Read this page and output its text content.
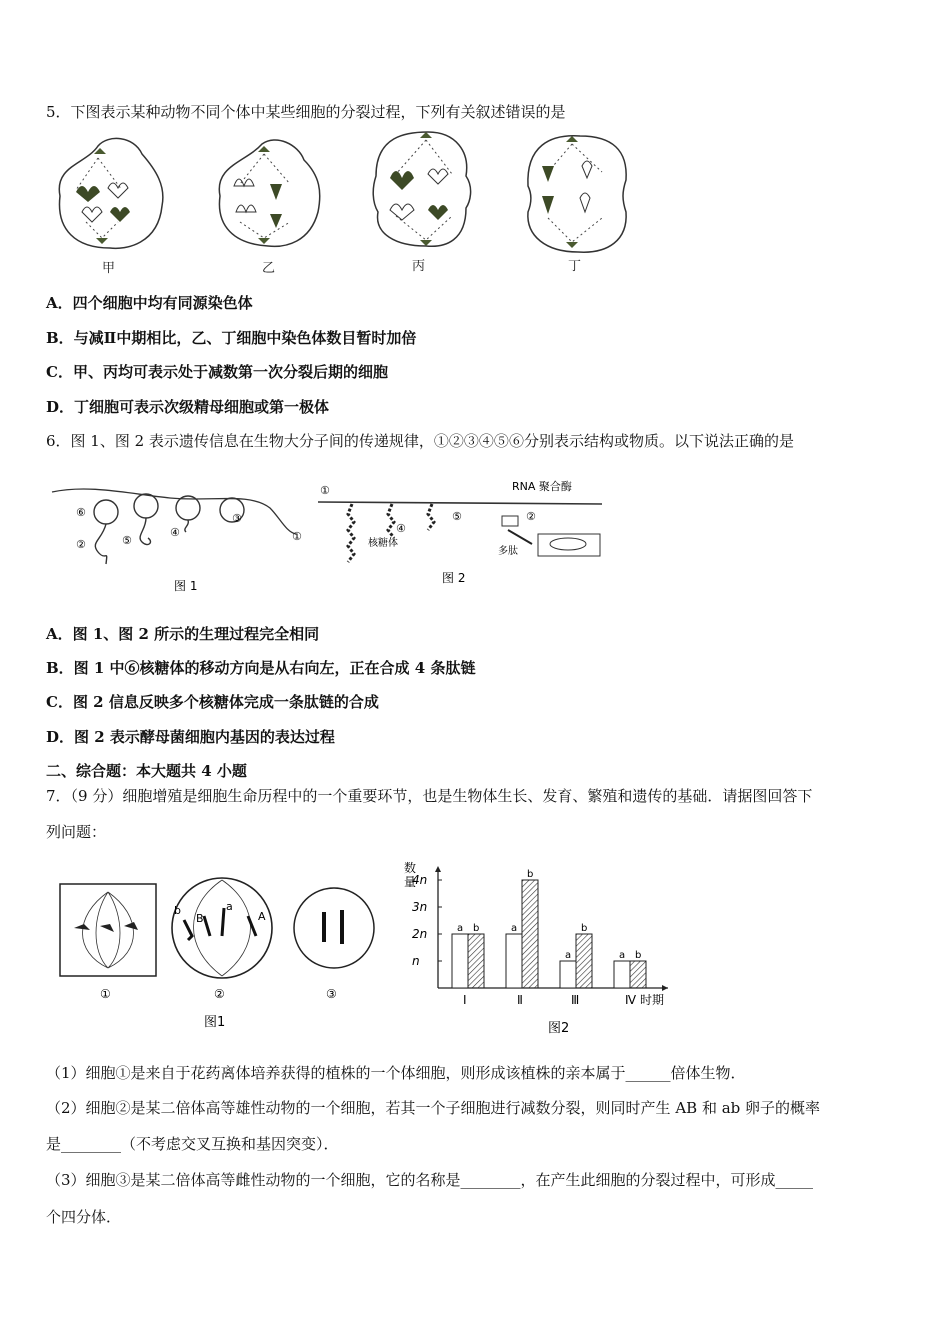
5．下图表示某种动物不同个体中某些细胞的分裂过程，下列有关叙述错误的是
甲	乙	丙	丁
A．四个细胞中均有同源染色体
B．与减Ⅱ中期相比，乙、丁细胞中染色体数目暂时加倍
C．甲、丙均可表示处于减数第一次分裂后期的细胞
D．丁细胞可表示次级精母细胞或第一极体
6．图 1、图 2 表示遗传信息在生物大分子间的传递规律，①②③④⑤⑥分别表示结构或物质。以下说法正确的是
⑥
②	⑤
④
③
①
图 1
①	RNA 聚合酶
④
⑤
核糖体
②
多肽
图 2
A．图 1、图 2 所示的生理过程完全相同
B．图 1 中⑥核糖体的移动方向是从右向左，正在合成 4 条肽链
C．图 2 信息反映多个核糖体完成一条肽链的合成
D．图 2 表示酵母菌细胞内基因的表达过程
二、综合题：本大题共 4 小题
7．（9 分）细胞增殖是细胞生命历程中的一个重要环节，也是生物体生长、发育、繁殖和遗传的基础．请据图回答下
列问题：
①
b
B
a
A
②	③
图1
数
量
n
2n
3n
4n
a b
Ⅰ
a
b
Ⅱ
a
b
Ⅲ
a b
Ⅳ 时期
图2
（1）细胞①是来自于花药离体培养获得的植株的一个体细胞，则形成该植株的亲本属于______倍体生物．
（2）细胞②是某二倍体高等雄性动物的一个细胞，若其一个子细胞进行减数分裂，则同时产生 AB 和 ab 卵子的概率
是________（不考虑交叉互换和基因突变）．
（3）细胞③是某二倍体高等雌性动物的一个细胞，它的名称是________，在产生此细胞的分裂过程中，可形成_____
个四分体．
